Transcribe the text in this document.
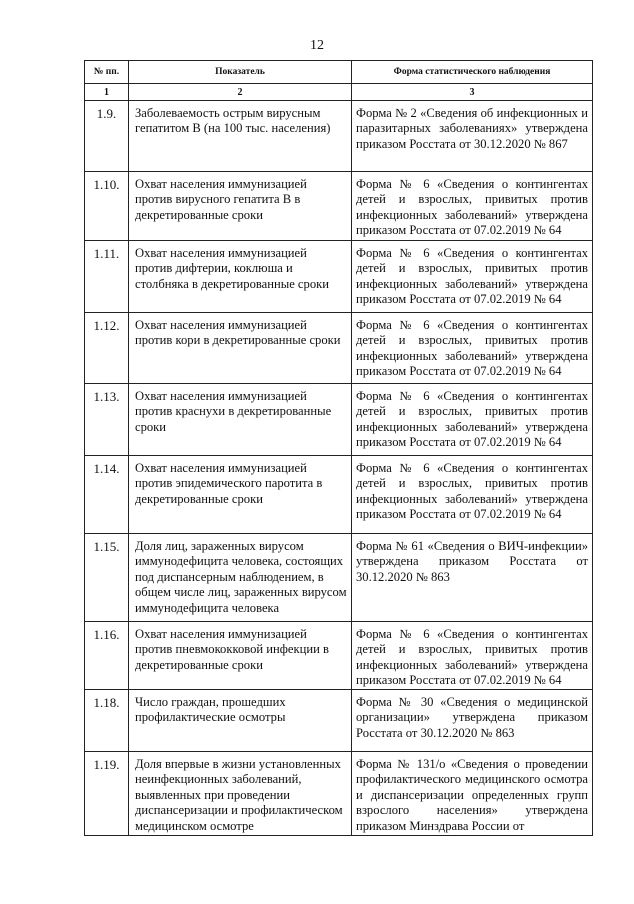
12
№ пп.	Показатель	Форма статистического наблюдения
1	2	3
1.9.	Заболеваемость острым вирусным гепатитом В (на 100 тыс. населения)	Форма № 2 «Сведения об инфекционных и паразитарных заболеваниях» утверждена приказом Росстата от 30.12.2020 № 867
1.10.	Охват населения иммунизацией против вирусного гепатита В в декретированные сроки	Форма № 6 «Сведения о контингентах детей и взрослых, привитых против инфекционных заболеваний» утверждена приказом Росстата от 07.02.2019 № 64
1.11.	Охват населения иммунизацией против дифтерии, коклюша и столбняка в декретированные сроки	Форма № 6 «Сведения о контингентах детей и взрослых, привитых против инфекционных заболеваний» утверждена приказом Росстата от 07.02.2019 № 64
1.12.	Охват населения иммунизацией против кори в декретированные сроки	Форма № 6 «Сведения о контингентах детей и взрослых, привитых против инфекционных заболеваний» утверждена приказом Росстата от 07.02.2019 № 64
1.13.	Охват населения иммунизацией против краснухи в декретированные сроки	Форма № 6 «Сведения о контингентах детей и взрослых, привитых против инфекционных заболеваний» утверждена приказом Росстата от 07.02.2019 № 64
1.14.	Охват населения иммунизацией против эпидемического паротита в декретированные сроки	Форма № 6 «Сведения о контингентах детей и взрослых, привитых против инфекционных заболеваний» утверждена приказом Росстата от 07.02.2019 № 64
1.15.	Доля лиц, зараженных вирусом иммунодефицита человека, состоящих под диспансерным наблюдением, в общем числе лиц, зараженных вирусом иммунодефицита человека	Форма № 61 «Сведения о ВИЧ-инфекции» утверждена приказом Росстата от 30.12.2020 № 863
1.16.	Охват населения иммунизацией против пневмококковой инфекции в декретированные сроки	Форма № 6 «Сведения о контингентах детей и взрослых, привитых против инфекционных заболеваний» утверждена приказом Росстата от 07.02.2019 № 64
1.18.	Число граждан, прошедших профилактические осмотры	Форма № 30 «Сведения о медицинской организации» утверждена приказом Росстата от 30.12.2020 № 863
1.19.	Доля впервые в жизни установленных неинфекционных заболеваний, выявленных при проведении диспансеризации и профилактическом медицинском осмотре	Форма № 131/о «Сведения о проведении профилактического медицинского осмотра и диспансеризации определенных групп взрослого населения» утверждена приказом Минздрава России от
